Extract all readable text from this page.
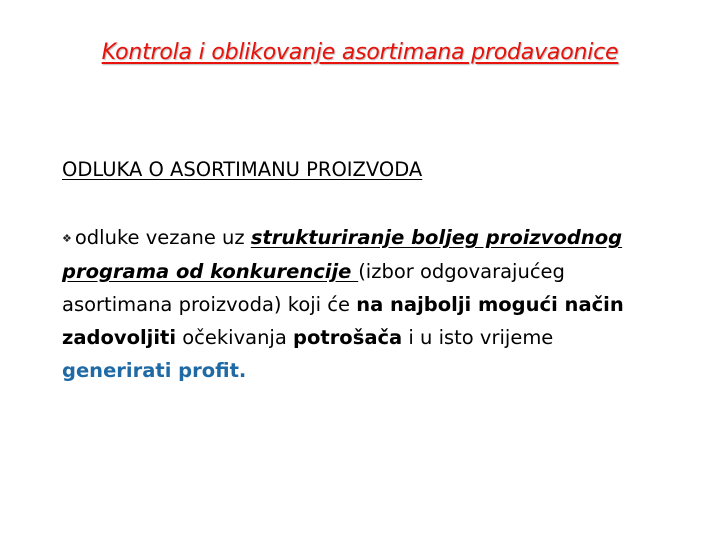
Kontrola i oblikovanje asortimana prodavaonice
ODLUKA O ASORTIMANU PROIZVODA
❖ odluke vezane uz strukturiranje boljeg proizvodnog programa od konkurencije (izbor odgovarajućeg asortimana proizvoda) koji će na najbolji mogući način zadovoljiti očekivanja potrošača i u isto vrijeme generirati profit.
